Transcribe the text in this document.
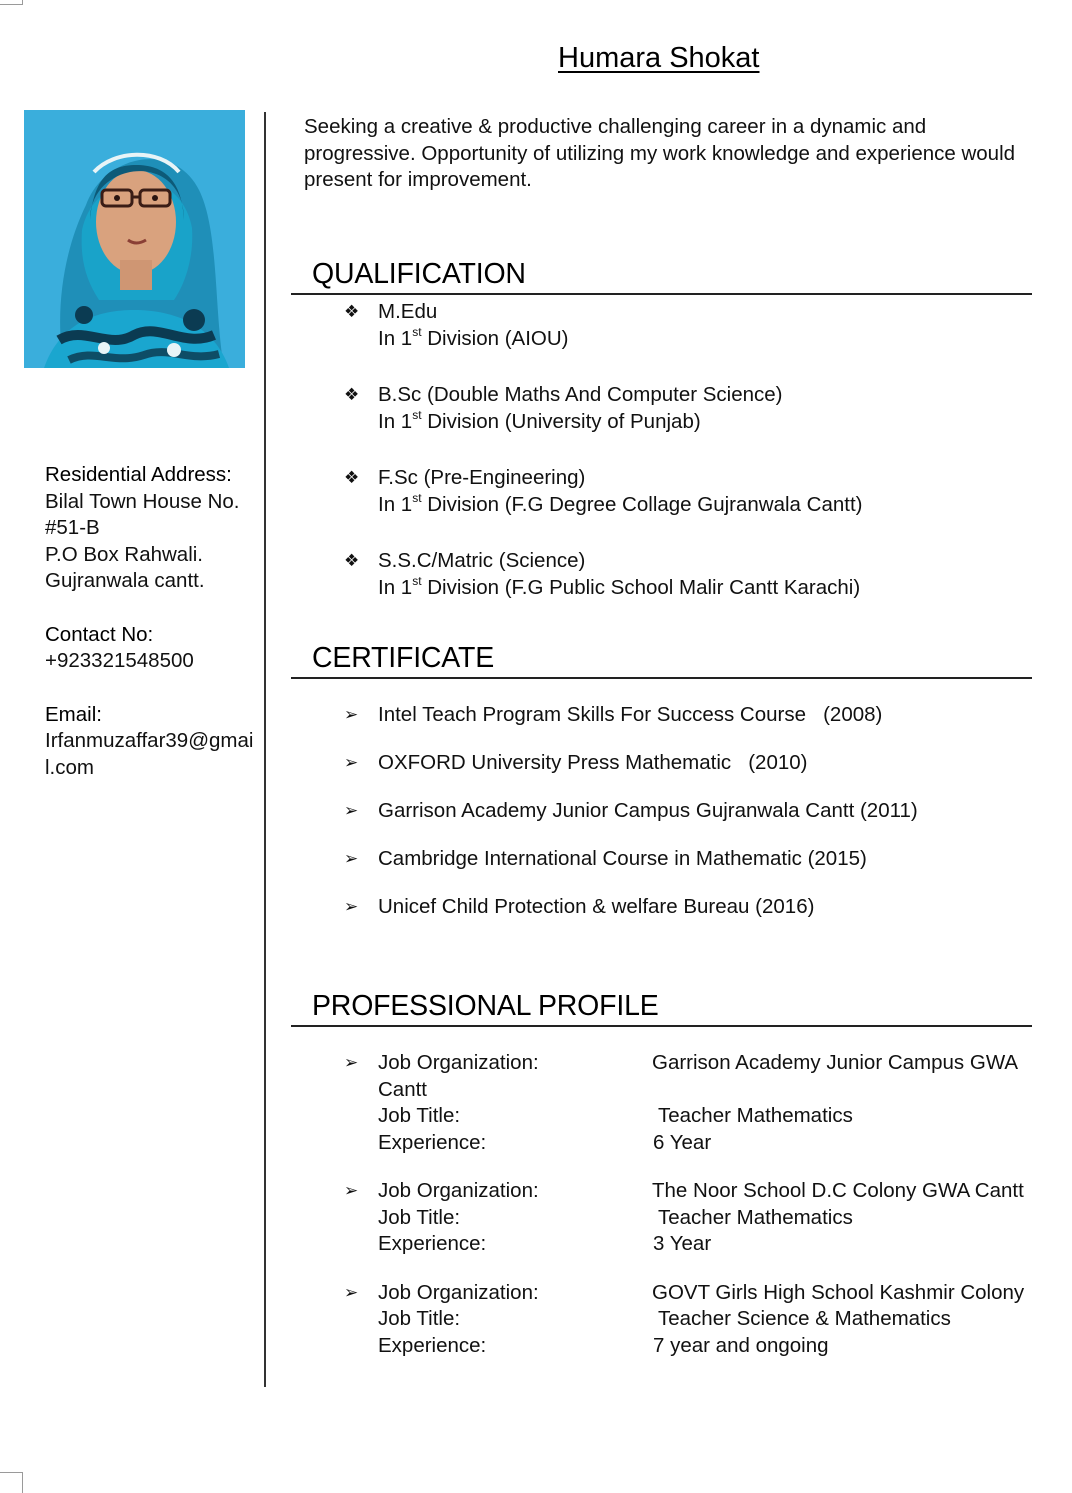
Humara Shokat
Residential Address:
Bilal Town House No. #51-B
P.O Box Rahwali.
Gujranwala cantt.
Contact No:
+923321548500
Email:
Irfanmuzaffar39@gmail.com
Seeking a creative & productive challenging career in a dynamic and progressive. Opportunity of utilizing my work knowledge and experience would present for improvement.
QUALIFICATION
❖ M.Edu
In 1st Division (AIOU)
❖ B.Sc (Double Maths And Computer Science)
In 1st Division (University of Punjab)
❖ F.Sc (Pre-Engineering)
In 1st Division (F.G Degree Collage Gujranwala Cantt)
❖ S.S.C/Matric (Science)
In 1st Division (F.G Public School Malir Cantt Karachi)
CERTIFICATE
➢ Intel Teach Program Skills For Success Course   (2008)
➢ OXFORD University Press Mathematic   (2010)
➢ Garrison Academy Junior Campus Gujranwala Cantt (2011)
➢ Cambridge International Course in Mathematic (2015)
➢ Unicef Child Protection & welfare Bureau (2016)
PROFESSIONAL PROFILE
➢ Job Organization:	Garrison Academy Junior Campus GWA
Cantt
Job Title:	Teacher Mathematics
Experience:	6 Year
➢ Job Organization:	The Noor School D.C Colony GWA Cantt
Job Title:	Teacher Mathematics
Experience:	3 Year
➢ Job Organization:	GOVT Girls High School Kashmir Colony
Job Title:	Teacher Science & Mathematics
Experience:	7 year and ongoing
